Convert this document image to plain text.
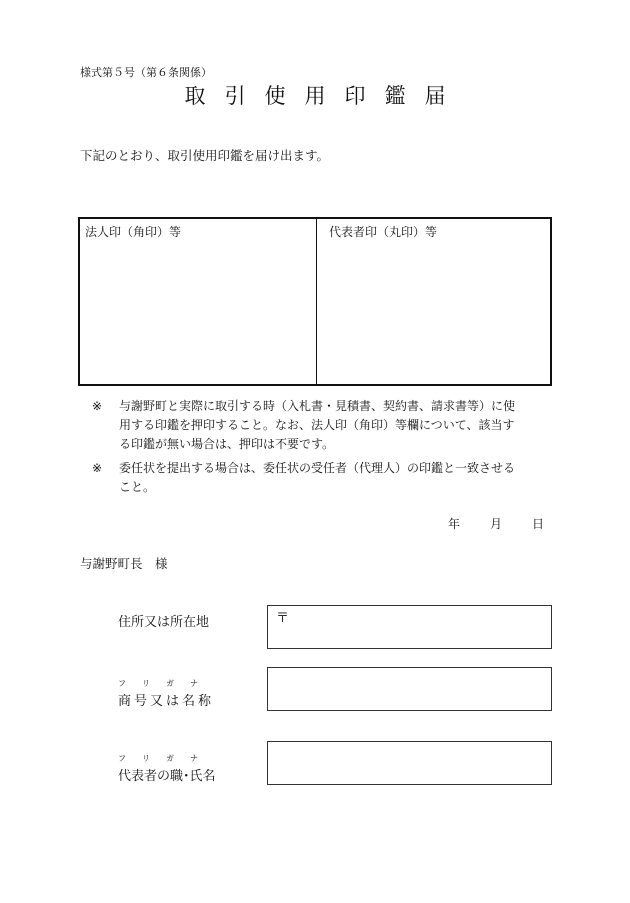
様式第５号（第６条関係）
取引使用印鑑届
下記のとおり、取引使用印鑑を届け出ます。
法人印（角印）等	代表者印（丸印）等
※	与謝野町と実際に取引する時（入札書・見積書、契約書、請求書等）に使
用する印鑑を押印すること。なお、法人印（角印）等欄について、該当す
る印鑑が無い場合は、押印は不要です。
※	委任状を提出する場合は、委任状の受任者（代理人）の印鑑と一致させる
こと。
年	月	日
与謝野町長　様
住所又は所在地	〒
フ	リ	ガ	ナ
商号又は名称
フ	リ	ガ	ナ
代表者の職･氏名
